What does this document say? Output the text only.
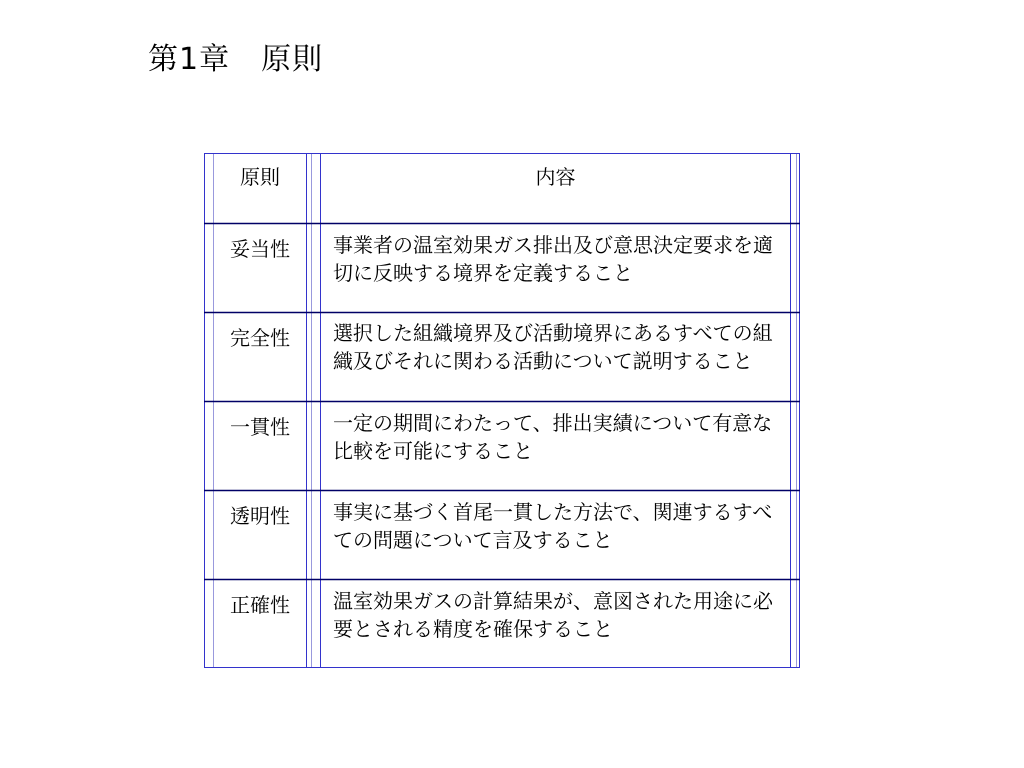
第1章　原則
原則	内容
妥当性	事業者の温室効果ガス排出及び意思決定要求を適切に反映する境界を定義すること
完全性	選択した組織境界及び活動境界にあるすべての組織及びそれに関わる活動について説明すること
一貫性	一定の期間にわたって、排出実績について有意な比較を可能にすること
透明性	事実に基づく首尾一貫した方法で、関連するすべての問題について言及すること
正確性	温室効果ガスの計算結果が、意図された用途に必要とされる精度を確保すること
